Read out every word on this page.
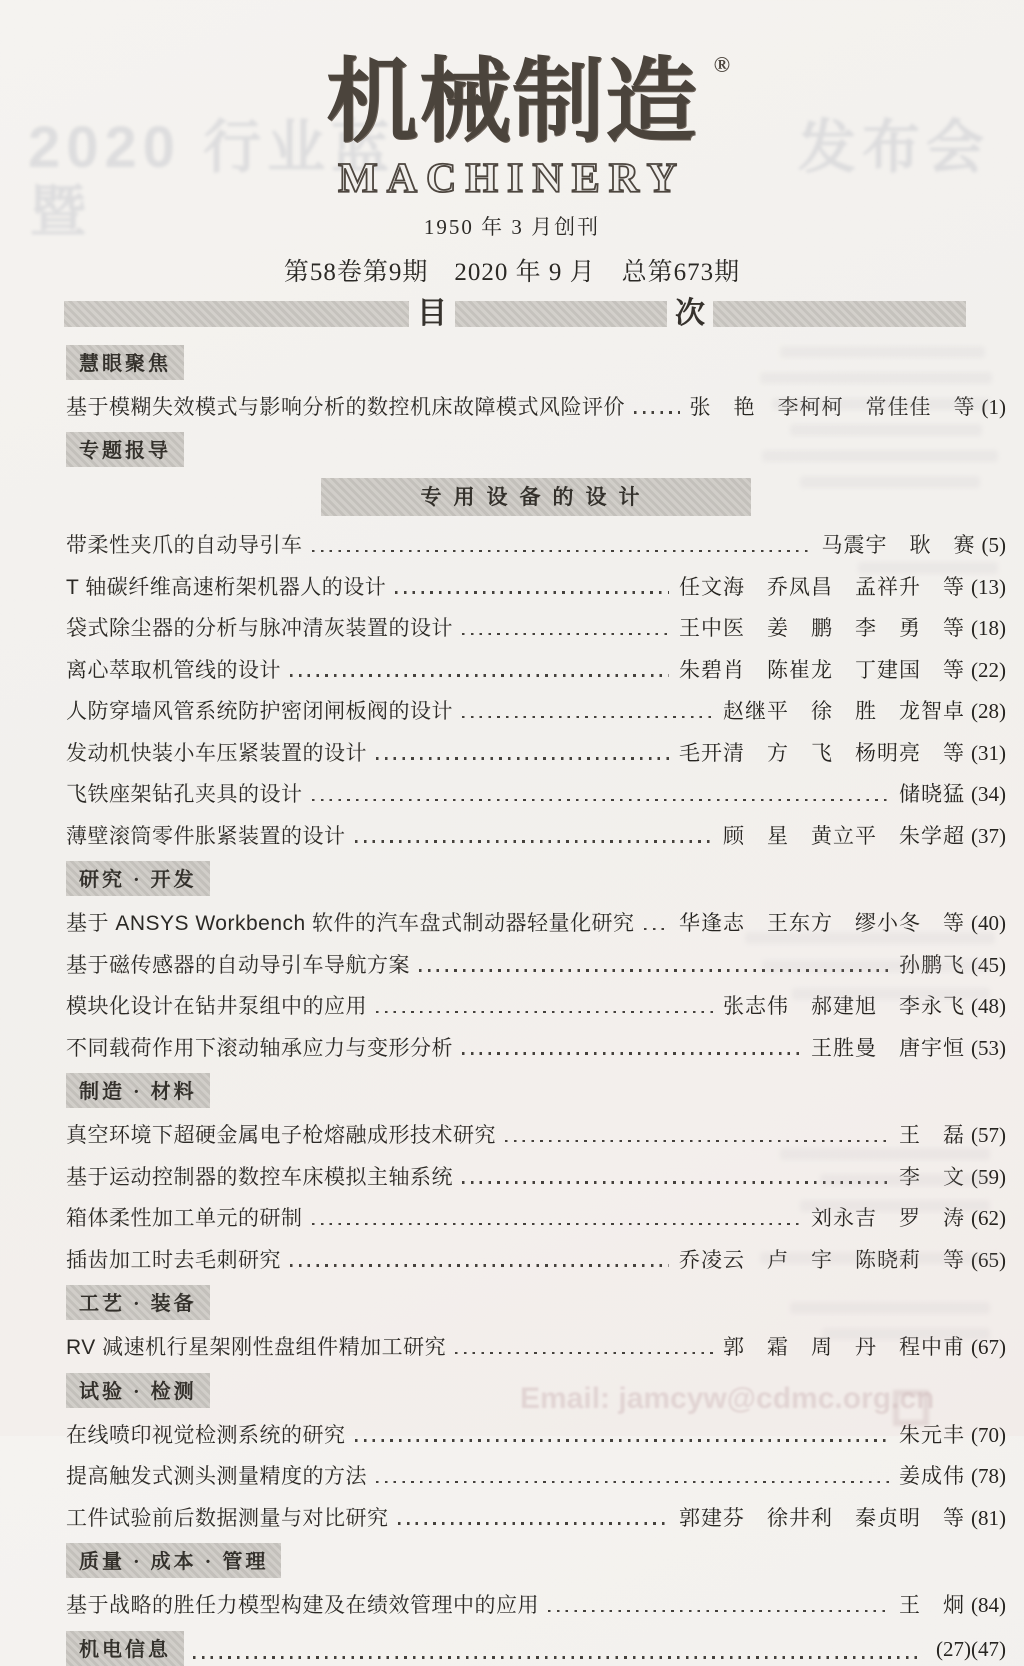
2020 行业蓝	发布会
暨
Email: jamcyw@cdmc.org.cn
机械制造 ®
MACHINERY
1950 年 3 月创刊
第58卷第9期　2020 年 9 月　总第673期
目	次
慧眼聚焦
基于模糊失效模式与影响分析的数控机床故障模式风险评价	张　艳　李柯柯　常佳佳　等 (1)
专题报导
专用设备的设计
带柔性夹爪的自动导引车	马震宇　耿　赛 (5)
T 轴碳纤维高速桁架机器人的设计	任文海　乔凤昌　孟祥升　等 (13)
袋式除尘器的分析与脉冲清灰装置的设计	王中医　姜　鹏　李　勇　等 (18)
离心萃取机管线的设计	朱碧肖　陈崔龙　丁建国　等 (22)
人防穿墙风管系统防护密闭闸板阀的设计	赵继平　徐　胜　龙智卓 (28)
发动机快装小车压紧装置的设计	毛开清　方　飞　杨明亮　等 (31)
飞铁座架钻孔夹具的设计	储晓猛 (34)
薄壁滚筒零件胀紧装置的设计	顾　星　黄立平　朱学超 (37)
研究 · 开发
基于 ANSYS Workbench 软件的汽车盘式制动器轻量化研究 华逢志　王东方　缪小冬　等 (40)
基于磁传感器的自动导引车导航方案	孙鹏飞 (45)
模块化设计在钻井泵组中的应用	张志伟　郝建旭　李永飞 (48)
不同载荷作用下滚动轴承应力与变形分析	王胜曼　唐宇恒 (53)
制造 · 材料
真空环境下超硬金属电子枪熔融成形技术研究	王　磊 (57)
基于运动控制器的数控车床模拟主轴系统	李　文 (59)
箱体柔性加工单元的研制	刘永吉　罗　涛 (62)
插齿加工时去毛刺研究	乔凌云　卢　宇　陈晓莉　等 (65)
工艺 · 装备
RV 减速机行星架刚性盘组件精加工研究	郭　霜　周　丹　程中甫 (67)
试验 · 检测
在线喷印视觉检测系统的研究	朱元丰 (70)
提高触发式测头测量精度的方法	姜成伟 (78)
工件试验前后数据测量与对比研究	郭建芬　徐井利　秦贞明　等 (81)
质量 · 成本 · 管理
基于战略的胜任力模型构建及在绩效管理中的应用	王　炯 (84)
机电信息	(27)(47)
